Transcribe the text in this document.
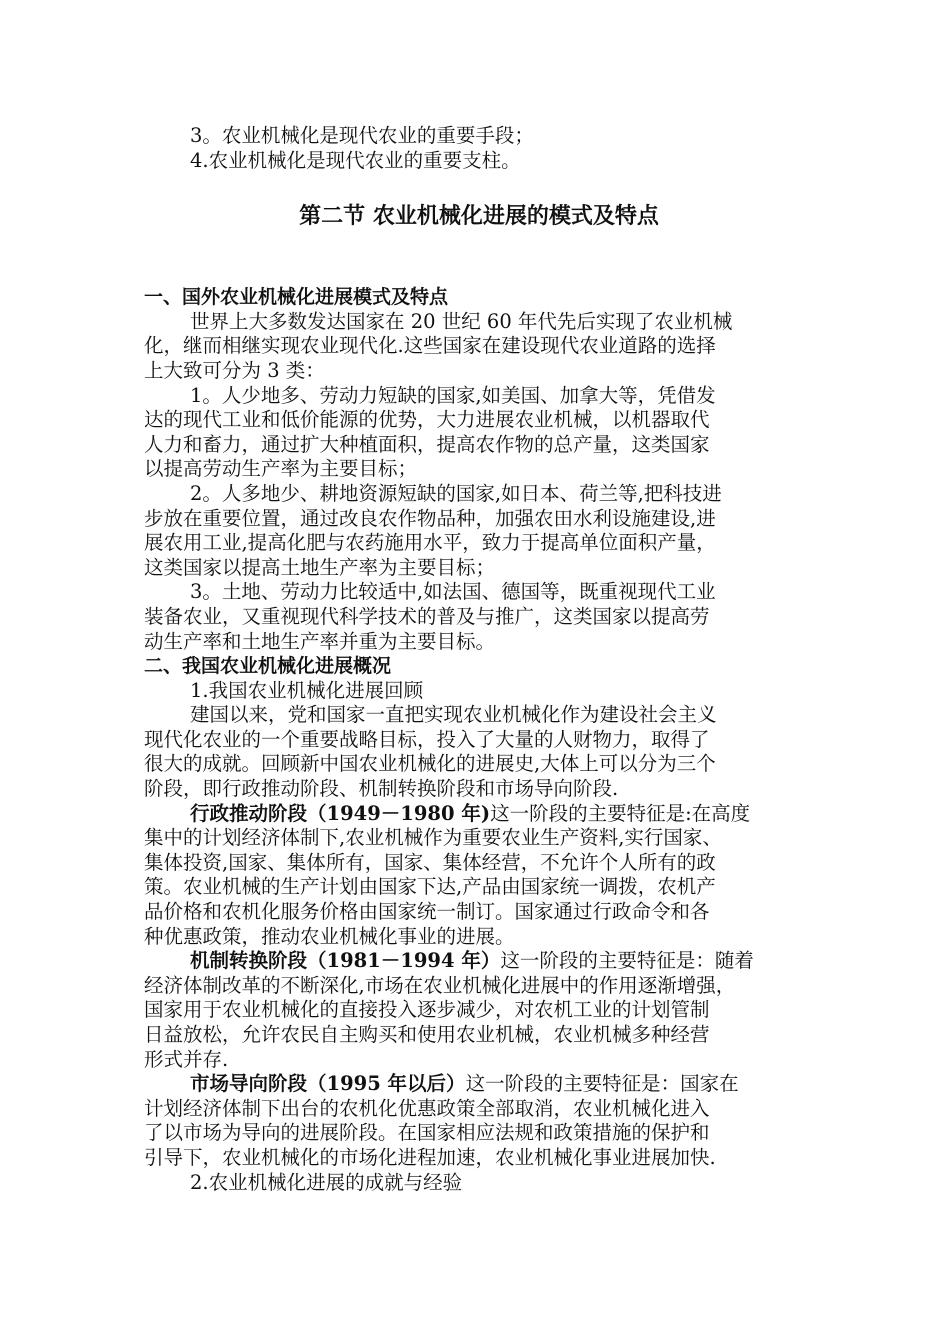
3。农业机械化是现代农业的重要手段；

4.农业机械化是现代农业的重要支柱。

第二节 农业机械化进展的模式及特点

一、国外农业机械化进展模式及特点

世界上大多数发达国家在 20 世纪 60 年代先后实现了农业机械

化，继而相继实现农业现代化.这些国家在建设现代农业道路的选择

上大致可分为 3 类：

1。人少地多、劳动力短缺的国家,如美国、加拿大等，凭借发

达的现代工业和低价能源的优势，大力进展农业机械，以机器取代

人力和畜力，通过扩大种植面积，提高农作物的总产量，这类国家

以提高劳动生产率为主要目标；

2。人多地少、耕地资源短缺的国家,如日本、荷兰等,把科技进

步放在重要位置，通过改良农作物品种，加强农田水利设施建设,进

展农用工业,提高化肥与农药施用水平，致力于提高单位面积产量，

这类国家以提高土地生产率为主要目标；

3。土地、劳动力比较适中,如法国、德国等，既重视现代工业

装备农业，又重视现代科学技术的普及与推广，这类国家以提高劳

动生产率和土地生产率并重为主要目标。

二、我国农业机械化进展概况

1.我国农业机械化进展回顾

建国以来，党和国家一直把实现农业机械化作为建设社会主义

现代化农业的一个重要战略目标，投入了大量的人财物力，取得了

很大的成就。回顾新中国农业机械化的进展史,大体上可以分为三个

阶段，即行政推动阶段、机制转换阶段和市场导向阶段.

行政推动阶段（1949－1980 年)这一阶段的主要特征是:在高度

集中的计划经济体制下,农业机械作为重要农业生产资料,实行国家、

集体投资,国家、集体所有，国家、集体经营，不允许个人所有的政

策。农业机械的生产计划由国家下达,产品由国家统一调拨，农机产

品价格和农机化服务价格由国家统一制订。国家通过行政命令和各

种优惠政策，推动农业机械化事业的进展。

机制转换阶段（1981－1994 年）这一阶段的主要特征是：随着

经济体制改革的不断深化,市场在农业机械化进展中的作用逐渐增强，

国家用于农业机械化的直接投入逐步减少，对农机工业的计划管制

日益放松，允许农民自主购买和使用农业机械，农业机械多种经营

形式并存.

市场导向阶段（1995 年以后）这一阶段的主要特征是：国家在

计划经济体制下出台的农机化优惠政策全部取消，农业机械化进入

了以市场为导向的进展阶段。在国家相应法规和政策措施的保护和

引导下，农业机械化的市场化进程加速，农业机械化事业进展加快.

2.农业机械化进展的成就与经验
